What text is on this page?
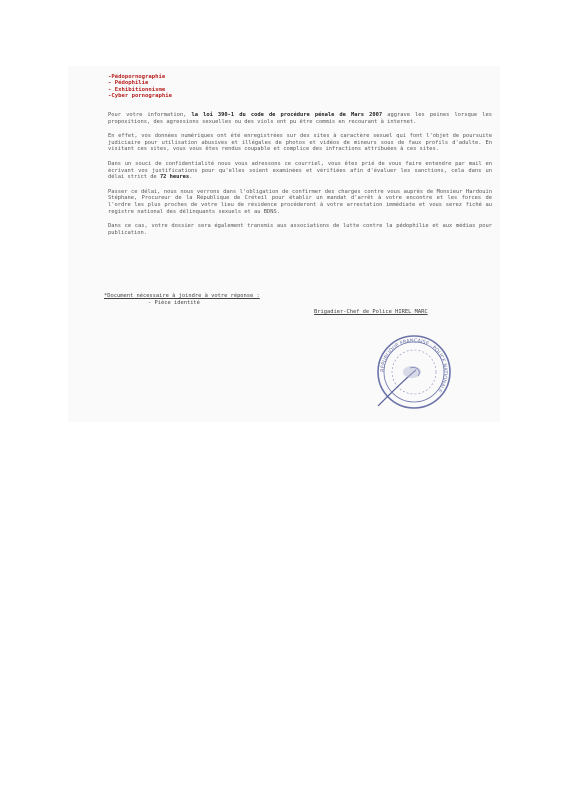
-Pédopornographie
- Pédophilie
- Exhibitionnisme
-Cyber pornographie

Pour votre information, la loi 390-1 du code de procédure pénale de Mars 2007 aggrave les peines lorsque les propositions, des agressions sexuelles ou des viols ont pu être commis en recourant à internet.

En effet, vos données numériques ont été enregistrées sur des sites à caractère sexuel qui font l'objet de poursuite judiciaire pour utilisation abusives et illégales de photos et vidéos de mineurs sous de faux profils d'adulte. En visitant ces sites, vous vous êtes rendus coupable et complice des infractions attribuées à ces sites.

Dans un souci de confidentialité nous vous adressons ce courriel, vous êtes prié de vous faire entendre par mail en écrivant vos justifications pour qu'elles soient examinées et vérifiées afin d'évaluer les sanctions, cela dans un délai strict de 72 heures.

Passer ce délai, nous nous verrons dans l'obligation de confirmer des charges contre vous auprès de Monsieur Hardouin Stéphane, Procureur de la République de Créteil pour établir un mandat d'arrêt à votre encontre et les forces de l'ordre les plus proches de votre lieu de résidence procéderont à votre arrestation immédiate et vous serez fiché au registre national des délinquants sexuels et au BDNS.

Dans ce cas, votre dossier sera également transmis aux associations de lutte contre la pédophilie et aux médias pour publication.

*Document nécessaire à joindre à votre réponse :
- Pièce identité
Brigadier-Chef de Police HIREL MARC
RÉPUBLIQUE FRANÇAISE · POLICE NATIONALE
